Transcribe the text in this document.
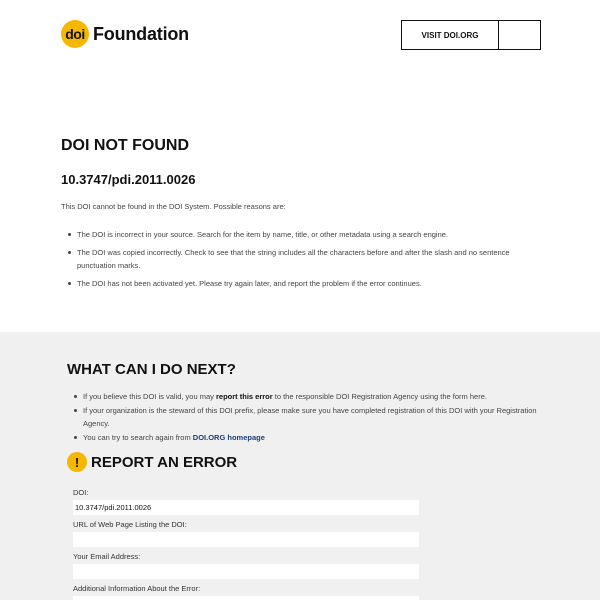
doi Foundation	VISIT DOI.ORG
DOI NOT FOUND
10.3747/pdi.2011.0026
This DOI cannot be found in the DOI System. Possible reasons are:
The DOI is incorrect in your source. Search for the item by name, title, or other metadata using a search engine.
The DOI was copied incorrectly. Check to see that the string includes all the characters before and after the slash and no sentence punctuation marks.
The DOI has not been activated yet. Please try again later, and report the problem if the error continues.
WHAT CAN I DO NEXT?
If you believe this DOI is valid, you may report this error to the responsible DOI Registration Agency using the form here.
If your organization is the steward of this DOI prefix, please make sure you have completed registration of this DOI with your Registration Agency.
You can try to search again from DOI.ORG homepage
! REPORT AN ERROR
DOI:
10.3747/pdi.2011.0026
URL of Web Page Listing the DOI:
Your Email Address:
Additional Information About the Error:
